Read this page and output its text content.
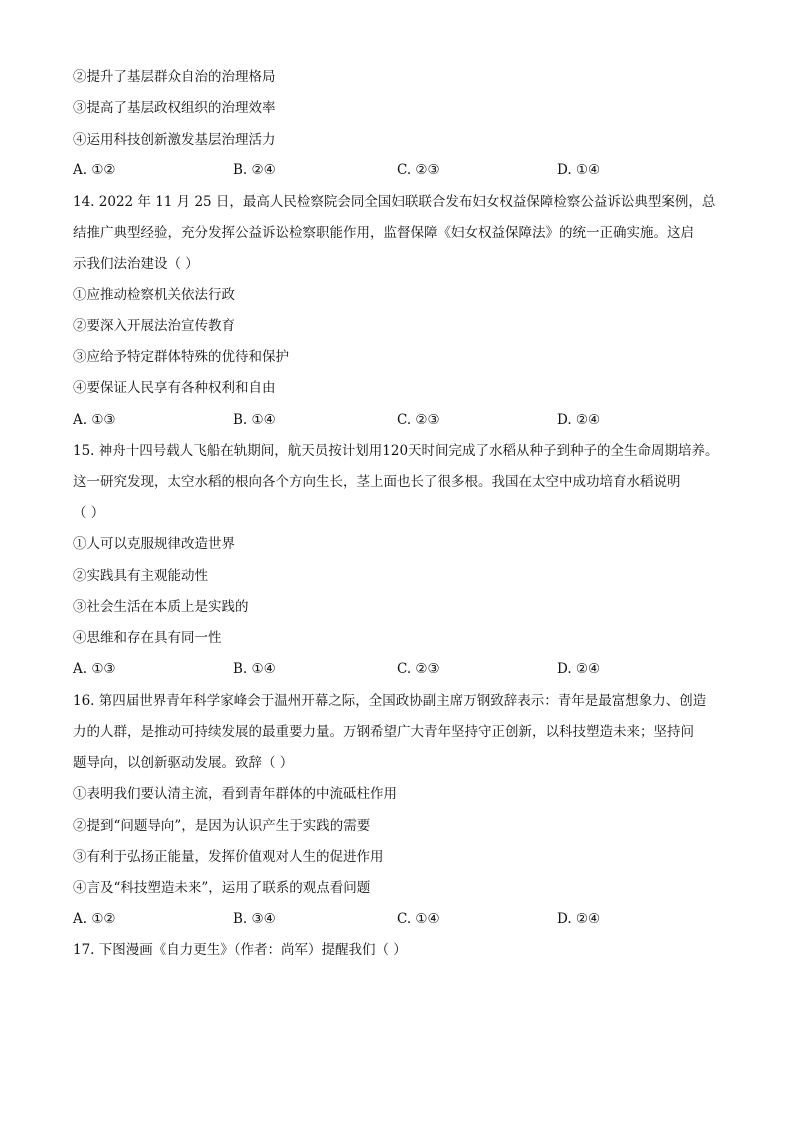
②提升了基层群众自治的治理格局
③提高了基层政权组织的治理效率
④运用科技创新激发基层治理活力
A. ①②	B. ②④	C. ②③	D. ①④
14. 2022 年 11 月 25 日，最高人民检察院会同全国妇联联合发布妇女权益保障检察公益诉讼典型案例，总
结推广典型经验，充分发挥公益诉讼检察职能作用，监督保障《妇女权益保障法》的统一正确实施。这启
示我们法治建设（ ）
①应推动检察机关依法行政
②要深入开展法治宣传教育
③应给予特定群体特殊的优待和保护
④要保证人民享有各种权利和自由
A. ①③	B. ①④	C. ②③	D. ②④
15. 神舟十四号载人飞船在轨期间，航天员按计划用120天时间完成了水稻从种子到种子的全生命周期培养。
这一研究发现，太空水稻的根向各个方向生长，茎上面也长了很多根。我国在太空中成功培育水稻说明
（ ）
①人可以克服规律改造世界
②实践具有主观能动性
③社会生活在本质上是实践的
④思维和存在具有同一性
A. ①③	B. ①④	C. ②③	D. ②④
16. 第四届世界青年科学家峰会于温州开幕之际，全国政协副主席万钢致辞表示：青年是最富想象力、创造
力的人群，是推动可持续发展的最重要力量。万钢希望广大青年坚持守正创新，以科技塑造未来；坚持问
题导向，以创新驱动发展。致辞（ ）
①表明我们要认清主流，看到青年群体的中流砥柱作用
②提到“问题导向”，是因为认识产生于实践的需要
③有利于弘扬正能量，发挥价值观对人生的促进作用
④言及“科技塑造未来”，运用了联系的观点看问题
A. ①②	B. ③④	C. ①④	D. ②④
17. 下图漫画《自力更生》（作者：尚军）提醒我们（ ）
